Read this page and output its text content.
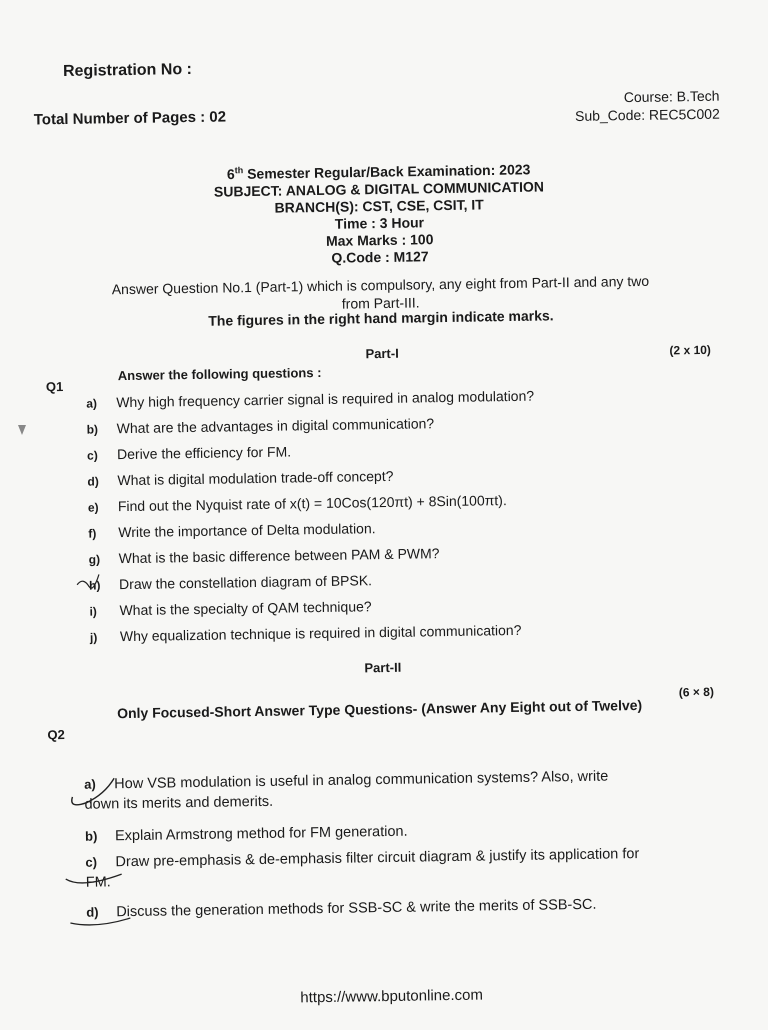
Registration No :
Total Number of Pages : 02
Course: B.Tech
Sub_Code: REC5C002
6th Semester Regular/Back Examination: 2023
SUBJECT: ANALOG & DIGITAL COMMUNICATION
BRANCH(S): CST, CSE, CSIT, IT
Time : 3 Hour
Max Marks : 100
Q.Code : M127
Answer Question No.1 (Part-1) which is compulsory, any eight from Part-II and any two
from Part-III.
The figures in the right hand margin indicate marks.
Part-I	(2 x 10)
Q1
Answer the following questions :
a) Why high frequency carrier signal is required in analog modulation?
b) What are the advantages in digital communication?
c) Derive the efficiency for FM.
d) What is digital modulation trade-off concept?
e) Find out the Nyquist rate of x(t) = 10Cos(120πt) + 8Sin(100πt).
f) Write the importance of Delta modulation.
g) What is the basic difference between PAM & PWM?
h) Draw the constellation diagram of BPSK.
i) What is the specialty of QAM technique?
j) Why equalization technique is required in digital communication?
Part-II
(6 × 8)
Q2
Only Focused-Short Answer Type Questions- (Answer Any Eight out of Twelve)
a) How VSB modulation is useful in analog communication systems? Also, write down its merits and demerits.
b) Explain Armstrong method for FM generation.
c) Draw pre-emphasis & de-emphasis filter circuit diagram & justify its application for FM.
d) Discuss the generation methods for SSB-SC & write the merits of SSB-SC.
https://www.bputonline.com
